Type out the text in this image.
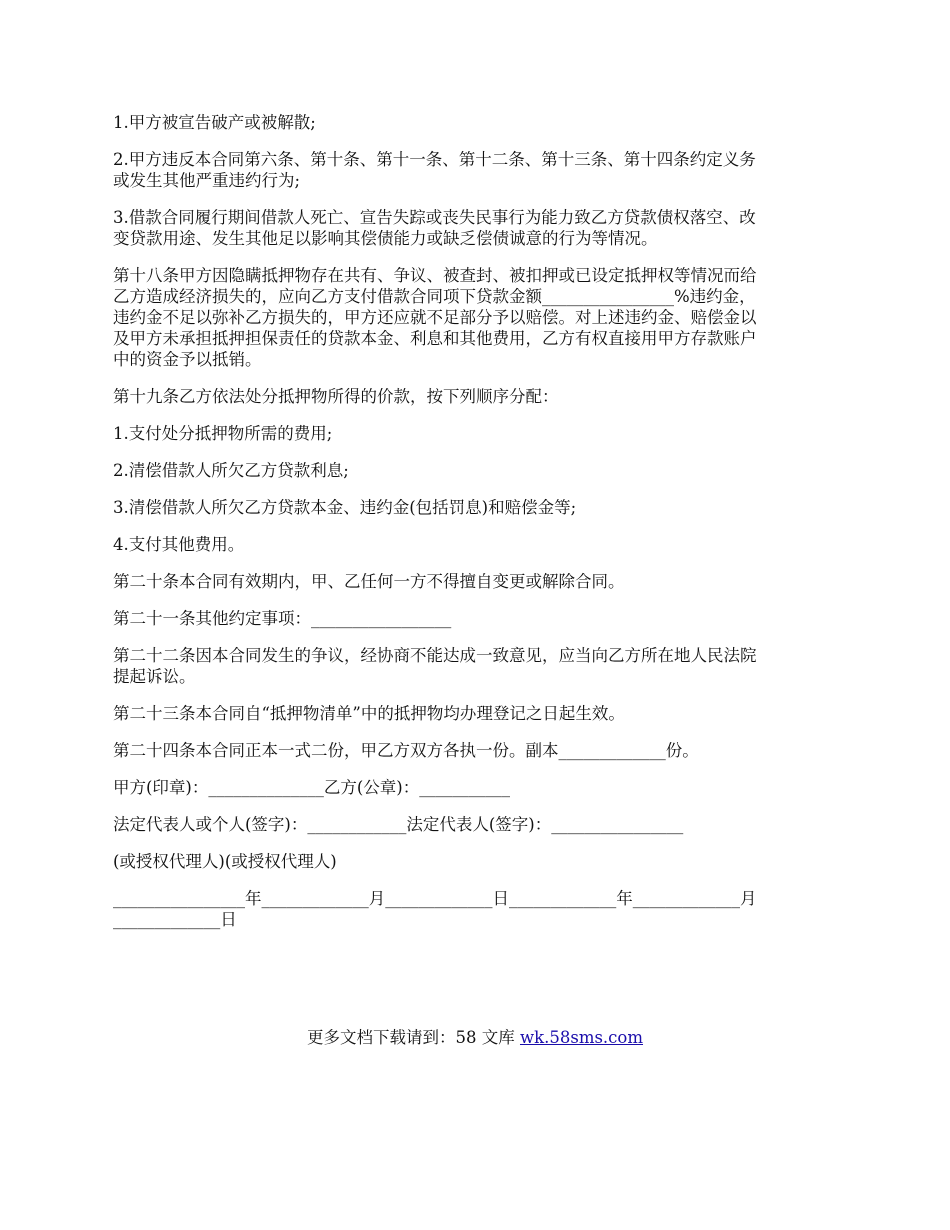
1.甲方被宣告破产或被解散;
2.甲方违反本合同第六条、第十条、第十一条、第十二条、第十三条、第十四条约定义务
或发生其他严重违约行为;
3.借款合同履行期间借款人死亡、宣告失踪或丧失民事行为能力致乙方贷款债权落空、改
变贷款用途、发生其他足以影响其偿债能力或缺乏偿债诚意的行为等情况。
第十八条甲方因隐瞒抵押物存在共有、争议、被查封、被扣押或已设定抵押权等情况而给
乙方造成经济损失的，应向乙方支付借款合同项下贷款金额________________%违约金，
违约金不足以弥补乙方损失的，甲方还应就不足部分予以赔偿。对上述违约金、赔偿金以
及甲方未承担抵押担保责任的贷款本金、利息和其他费用，乙方有权直接用甲方存款账户
中的资金予以抵销。
第十九条乙方依法处分抵押物所得的价款，按下列顺序分配：
1.支付处分抵押物所需的费用;
2.清偿借款人所欠乙方贷款利息;
3.清偿借款人所欠乙方贷款本金、违约金(包括罚息)和赔偿金等;
4.支付其他费用。
第二十条本合同有效期内，甲、乙任何一方不得擅自变更或解除合同。
第二十一条其他约定事项：_________________
第二十二条因本合同发生的争议，经协商不能达成一致意见，应当向乙方所在地人民法院
提起诉讼。
第二十三条本合同自“抵押物清单”中的抵押物均办理登记之日起生效。
第二十四条本合同正本一式二份，甲乙方双方各执一份。副本_____________份。
甲方(印章)：______________乙方(公章)：___________
法定代表人或个人(签字)：____________法定代表人(签字)：________________
(或授权代理人)(或授权代理人)
________________年_____________月_____________日_____________年_____________月
_____________日
更多文档下载请到：58 文库 wk.58sms.com
